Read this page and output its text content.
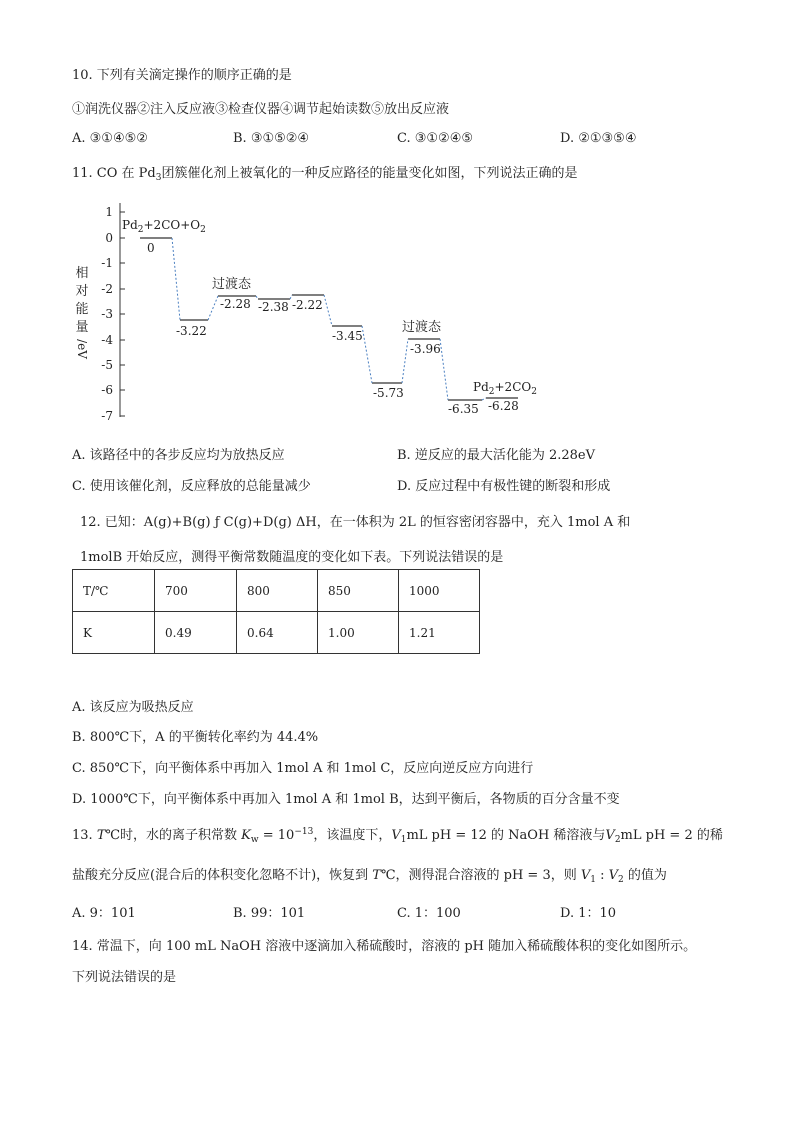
10. 下列有关滴定操作的顺序正确的是
①润洗仪器②注入反应液③检查仪器④调节起始读数⑤放出反应液
A. ③①④⑤②	B. ③①⑤②④	C. ③①②④⑤	D. ②①③⑤④
11. CO 在 $Pd_3$团簇催化剂上被氧化的一种反应路径的能量变化如图，下列说法正确的是
1
0
-1
-2
-3
-4
-5
-6
-7
相
对
能
量
/eV
$Pd_2+2CO+O_2$
0
-3.22
过渡态
-2.28 -2.38 -2.22
-3.45
-5.73
过渡态
-3.96
$Pd_2+2CO_2$
-6.35 -6.28
A. 该路径中的各步反应均为放热反应	B. 逆反应的最大活化能为 2.28eV
C. 使用该催化剂，反应释放的总能量减少	D. 反应过程中有极性键的断裂和形成
12. 已知：A(g)+B(g) ƒ C(g)+D(g) ΔH，在一体积为 2L 的恒容密闭容器中，充入 1mol A 和
1molB 开始反应，测得平衡常数随温度的变化如下表。下列说法错误的是
T/℃	700	800	850	1000
K	0.49	0.64	1.00	1.21
A. 该反应为吸热反应
B. 800℃下，A 的平衡转化率约为 44.4%
C. 850℃下，向平衡体系中再加入 1mol A 和 1mol C，反应向逆反应方向进行
D. 1000℃下，向平衡体系中再加入 1mol A 和 1mol B，达到平衡后，各物质的百分含量不变
13. T℃时，水的离子积常数 $K_w = 10^{-13}$，该温度下，$V_1mL$ pH = 12 的 NaOH 稀溶液与$V_2mL$ pH = 2 的稀
盐酸充分反应(混合后的体积变化忽略不计)，恢复到 T℃，测得混合溶液的 pH = 3，则 $V_1$ : $V_2$ 的值为
A. 9：101	B. 99：101	C. 1：100	D. 1：10
14. 常温下，向 100 mL NaOH 溶液中逐滴加入稀硫酸时，溶液的 pH 随加入稀硫酸体积的变化如图所示。
下列说法错误的是
